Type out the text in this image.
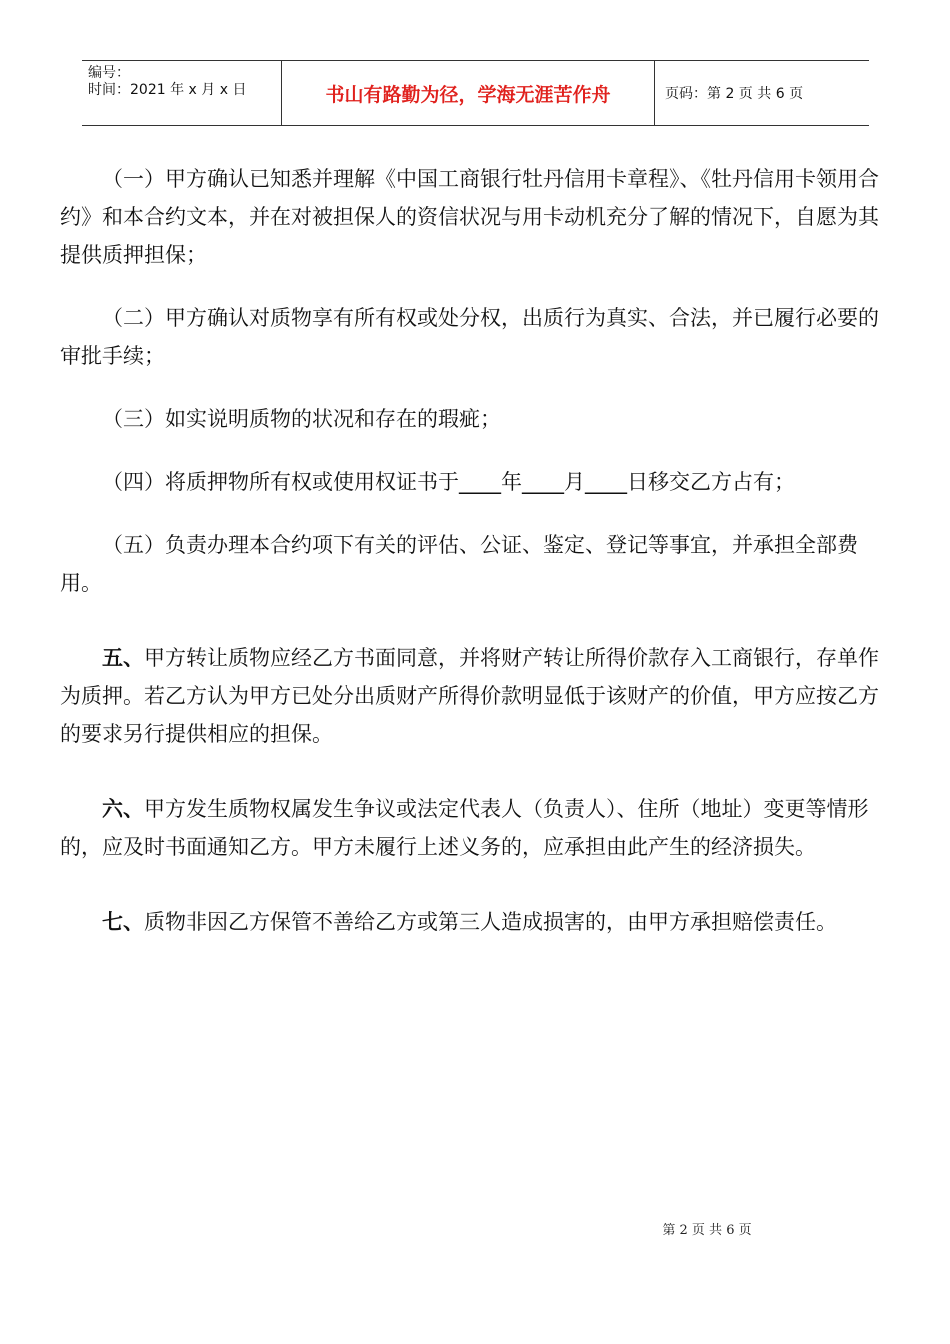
编号：
时间：2021 年 x 月 x 日	书山有路勤为径，学海无涯苦作舟	页码：第 2 页 共 6 页

（一）甲方确认已知悉并理解《中国工商银行牡丹信用卡章程》、《牡丹信用卡领用合约》和本合约文本，并在对被担保人的资信状况与用卡动机充分了解的情况下，自愿为其提供质押担保；

（二）甲方确认对质物享有所有权或处分权，出质行为真实、合法，并已履行必要的审批手续；

（三）如实说明质物的状况和存在的瑕疵；

（四）将质押物所有权或使用权证书于____年____月____日移交乙方占有；

（五）负责办理本合约项下有关的评估、公证、鉴定、登记等事宜，并承担全部费用。

五、甲方转让质物应经乙方书面同意，并将财产转让所得价款存入工商银行，存单作为质押。若乙方认为甲方已处分出质财产所得价款明显低于该财产的价值，甲方应按乙方的要求另行提供相应的担保。

六、甲方发生质物权属发生争议或法定代表人（负责人）、住所（地址）变更等情形的，应及时书面通知乙方。甲方未履行上述义务的，应承担由此产生的经济损失。

七、质物非因乙方保管不善给乙方或第三人造成损害的，由甲方承担赔偿责任。

第 2 页 共 6 页
